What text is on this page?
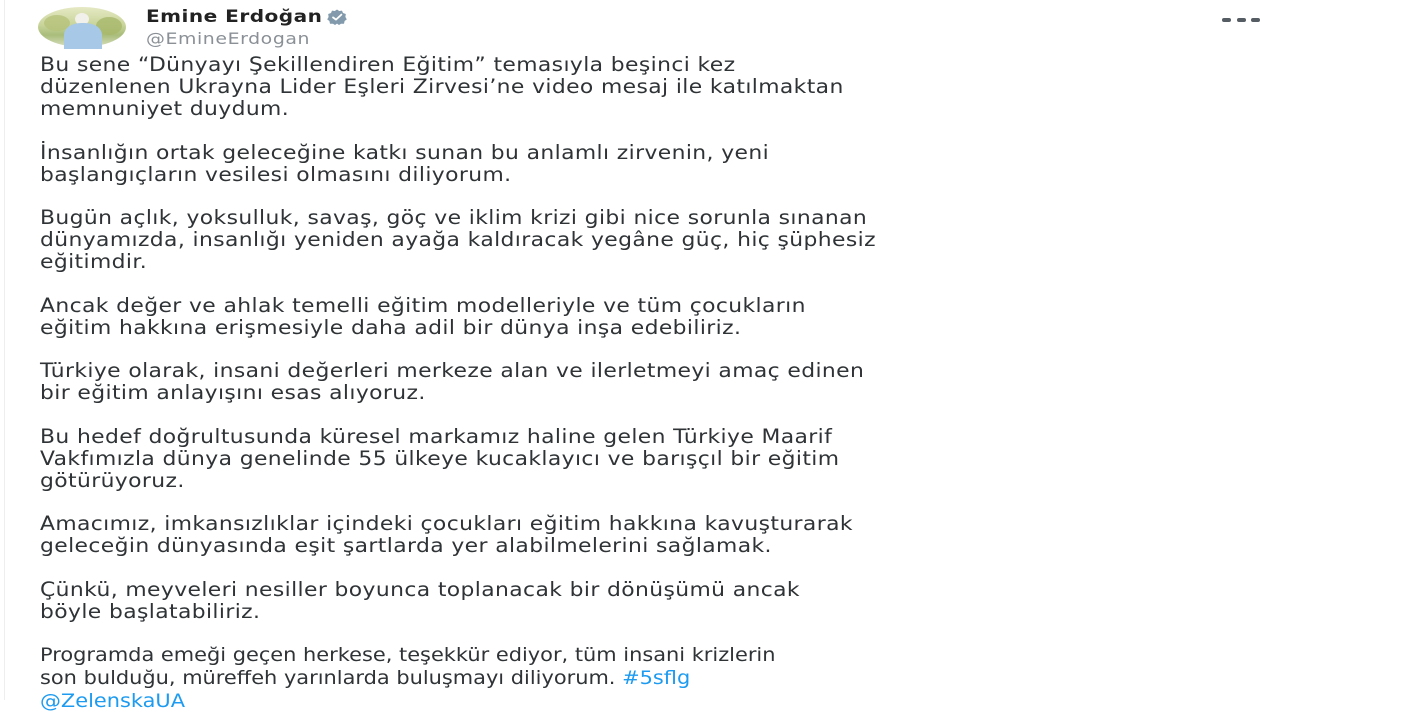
Emine Erdoğan
@EmineErdogan

Bu sene “Dünyayı Şekillendiren Eğitim” temasıyla beşinci kez
düzenlenen Ukrayna Lider Eşleri Zirvesi’ne video mesaj ile katılmaktan
memnuniyet duydum.

İnsanlığın ortak geleceğine katkı sunan bu anlamlı zirvenin, yeni
başlangıçların vesilesi olmasını diliyorum.

Bugün açlık, yoksulluk, savaş, göç ve iklim krizi gibi nice sorunla sınanan
dünyamızda, insanlığı yeniden ayağa kaldıracak yegâne güç, hiç şüphesiz
eğitimdir.

Ancak değer ve ahlak temelli eğitim modelleriyle ve tüm çocukların
eğitim hakkına erişmesiyle daha adil bir dünya inşa edebiliriz.

Türkiye olarak, insani değerleri merkeze alan ve ilerletmeyi amaç edinen
bir eğitim anlayışını esas alıyoruz.

Bu hedef doğrultusunda küresel markamız haline gelen Türkiye Maarif
Vakfımızla dünya genelinde 55 ülkeye kucaklayıcı ve barışçıl bir eğitim
götürüyoruz.

Amacımız, imkansızlıklar içindeki çocukları eğitim hakkına kavuşturarak
geleceğin dünyasında eşit şartlarda yer alabilmelerini sağlamak.

Çünkü, meyveleri nesiller boyunca toplanacak bir dönüşümü ancak
böyle başlatabiliriz.

Programda emeği geçen herkese, teşekkür ediyor, tüm insani krizlerin
son bulduğu, müreffeh yarınlarda buluşmayı diliyorum. #5sflg
@ZelenskaUA
